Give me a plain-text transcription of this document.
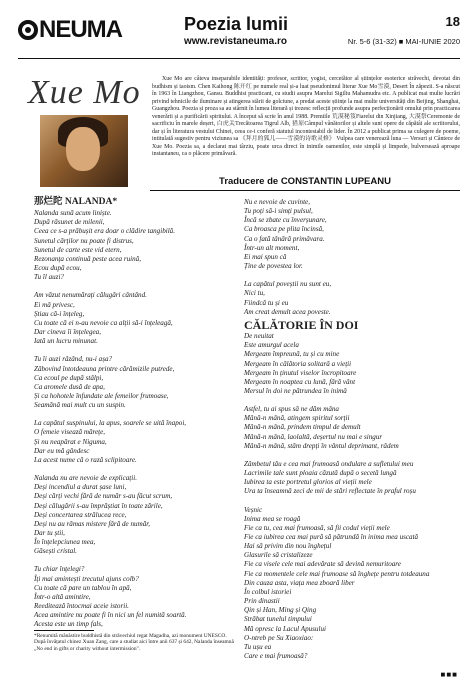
NEUMA	Poezia lumii
www.revistaneuma.ro
18
Nr. 5-6 (31-32) ■ MAI-IUNIE 2020
Xue Mo	Xue Mo are câteva inseparabile identități: profesor, scriitor, yogist, cercetător al științelor esoterice străvechi, devotat din budhism și taoism. Chen Kaihong 陈开红 pe numele real și-a luat pseudonimul literar Xue Mo雪漠, Desert În zăpezii. S-a născut în 1963 în Liangzhou, Gansu. Buddhist practicant, cu studii asupra Marelui Sigiliu Mahamudra etc. A publicat mai multe lucrări privind tehnicile de iluminare și atingerea stării de golciune, a predat aceste științe la mai multe universități din Beijing, Shanghai, Guangzhou. Poezia și proza sa au stârnit în lumea literară și trezesc reflecții profunde asupra perfecționării omului prin practicarea venerării și a purificării spiritului. A început să scrie în anul 1988. Premiile 荒漠秘笈Fiarelui din Xinjiang, 大漠祭Ceremonie de sacrificiu în marele deșert, 白虎关Trecătoarea Tigrul Alb, 猎原Câmpul vânătorilor și altele sunt opere de căpătâi ale scriitorului, dar și în literatura vestului Chinei, ceea ce-i conferă statutul incontestabil de lider. În 2012 a publicat prima sa culegere de poeme, intitulată sugestiv pentru viziunea sa 《拜月的狐儿——雪漠的诗歌灵修》 Vulpea care venerează luna — Versuri și Cântece de Xue Mo. Poezia sa, a declarat mai târziu, poate urca direct în inimile oamenilor, este simplă și limpede, bulversează aproape instantaneu, ca o plăcere primăvară.
Traducere de CONSTANTIN LUPEANU
那烂陀 NALANDA*
Nalanda sună acum liniște.
După răsunet de milenii,
Ceea ce s-a prăbușit era doar o clădire tangibilă.
Sunetul cărților nu poate fi distrus,
Sunetul de carte este vid etern,
Rezonanța continuă peste acea ruină,
Ecou după ecou,
Tu îl auzi?
Am văzut nenumărați călugări cântând.
Ei mă privesc,
Știau că-i înțeleg,
Cu toate că ei n-au nevoie ca alții să-i înțeleagă,
Dar cineva îi înțelegea,
Iată un lucru minunat.
Tu îi auzi râzând, nu-i așa?
Zăbovind întotdeauna printre cărămizile putrede,
Ca ecoul pe după stâlpi,
Ca aromele dusă de apa,
Și ca hohotele înfundate ale femeilor frumoase,
Seamănă mai mult cu un suspin.
La capătul suspinului, la apus, soarele se uită înapoi,
O femeie visează mărețe,
Și nu neapărat e Niguma,
Dar eu mă gândesc
La acest nume că o rază sclipitoare.
Nalanda nu are nevoie de explicații.
Deși incendiul a durat șase luni,
Deși cărți vechi fără de număr s-au făcut scrum,
Deși călugării s-au împrăștiat în toate zările,
Deși concertarea strălucea rece,
Deși nu au rămas mistere fără de număr,
Dar tu știi,
În înțelepciunea mea,
Găsești cristal.
Tu chiar înțelegi?
Îți mai amintești trecutul ajuns colb?
Cu toate că pare un tablou în apă,
Într-o altă amintire,
Reeditează întocmai aceie istorii.
Acea amintire nu poate fi în nici un fel numită soartă.
Acesta este un timp fals,
Nu e nevoie de cuvinte,
Tu poți să-i simți pulsul,
Încă se zbate cu înverșunare,
Ca broasca pe plita încinsă,
Ca o fată tânără primăvara.
Într-un alt moment,
Ei mai spun că
Ține de povestea lor.
La capătul poveștii nu sunt eu,
Nici tu,
Fiindcă tu și eu
Am creat demult acea poveste.
CĂLĂTORIE ÎN DOI
De neuitat
Este amurgul acela
Mergeam împreună, tu și cu mine
Mergeam în călătoria solitară a vieții
Mergeam în ținutul viselor încropitoare
Mergeam în noaptea cu lună, fără vânt
Mersul în doi ne pătrundea în inimă
Astfel, tu ai spus să ne dăm mâna
Mână-n mână, atingem spiritul sorții
Mână-n mână, prindem timpul de demult
Mână-n mână, laolaltă, deșertul nu mai e singur
Mână-n mână, stăm drepți în vântul deprimant, râdem
Zâmbetul tău e cea mai frumoasă ondulare a sufletului meu
Lacrimile tale sunt ploaia căzută după o secetă lungă
Iubirea ta este portretul glorios al vieții mele
Ura ta înseamnă zeci de mii de stări reflectate în praful roșu
Veșnic
Inima mea se roagă
Fie ca tu, cea mai frumoasă, să fii codul vieții mele
Fie ca iubirea cea mai pură să pătrundă în inima mea uscată
Hai să privim din nou înghețul
Glasurile să cristalizeze
Fie ca visele cele mai adevărate să devină nemuritoare
Fie ca momentele cele mai frumoase să înghețe pentru totdeauna
Din cauza asta, viața mea zboară liber
În colbul istoriei
Prin dinastii
Qin și Han, Ming și Qing
Străbat tunelul timpului
Mă opresc la Lacul Apusului
O-ntreb pe Su Xiaoxiao:
Tu ușu ea
Care e mai frumoasă?
*Renumită mănăstire buddhistă din străvechiul regat Magadha, azi monument UNESCO. După învățatul chinez Xuan Zang, care a studiat aici între anii 637 și 642, Nalanda înseamnă „No end in gifts or charity without intermission".
■■■
